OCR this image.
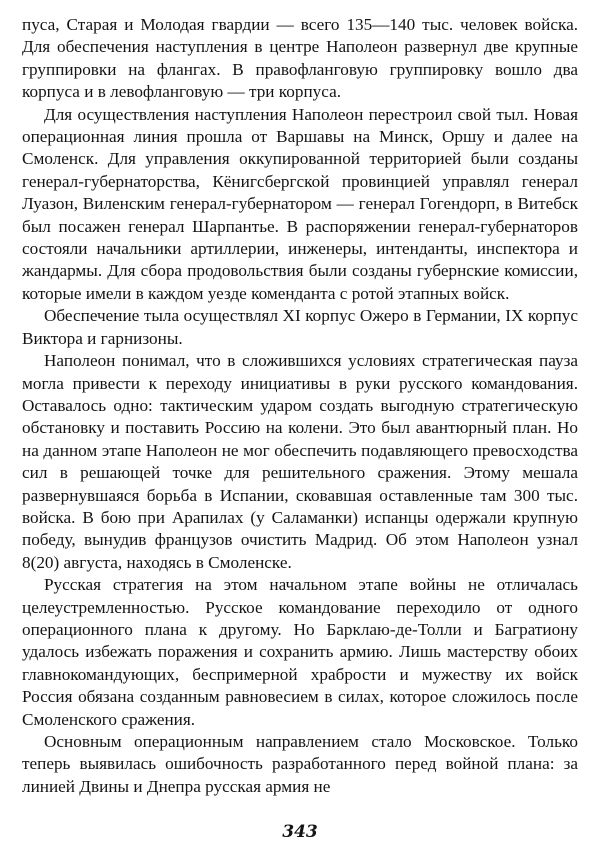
пуса, Старая и Молодая гвардии — всего 135—140 тыс. человек войска. Для обеспечения наступления в центре Наполеон развернул две крупные группировки на флангах. В правофланговую группировку вошло два корпуса и в левофланговую — три корпуса.

Для осуществления наступления Наполеон перестроил свой тыл. Новая операционная линия прошла от Варшавы на Минск, Оршу и далее на Смоленск. Для управления оккупированной территорией были созданы генерал-губернаторства, Кёнигсбергской провинцией управлял генерал Луазон, Виленским генерал-губернатором — генерал Гогендорп, в Витебск был посажен генерал Шарпантье. В распоряжении генерал-губернаторов состояли начальники артиллерии, инженеры, интенданты, инспектора и жандармы. Для сбора продовольствия были созданы губернские комиссии, которые имели в каждом уезде коменданта с ротой этапных войск.

Обеспечение тыла осуществлял XI корпус Ожеро в Германии, IX корпус Виктора и гарнизоны.

Наполеон понимал, что в сложившихся условиях стратегическая пауза могла привести к переходу инициативы в руки русского командования. Оставалось одно: тактическим ударом создать выгодную стратегическую обстановку и поставить Россию на колени. Это был авантюрный план. Но на данном этапе Наполеон не мог обеспечить подавляющего превосходства сил в решающей точке для решительного сражения. Этому мешала развернувшаяся борьба в Испании, сковавшая оставленные там 300 тыс. войска. В бою при Арапилах (у Саламанки) испанцы одержали крупную победу, вынудив французов очистить Мадрид. Об этом Наполеон узнал 8(20) августа, находясь в Смоленске.

Русская стратегия на этом начальном этапе войны не отличалась целеустремленностью. Русское командование переходило от одного операционного плана к другому. Но Барклаю-де-Толли и Багратиону удалось избежать поражения и сохранить армию. Лишь мастерству обоих главнокомандующих, беспримерной храбрости и мужеству их войск Россия обязана созданным равновесием в силах, которое сложилось после Смоленского сражения.

Основным операционным направлением стало Московское. Только теперь выявилась ошибочность разработанного перед войной плана: за линией Двины и Днепра русская армия не

343
